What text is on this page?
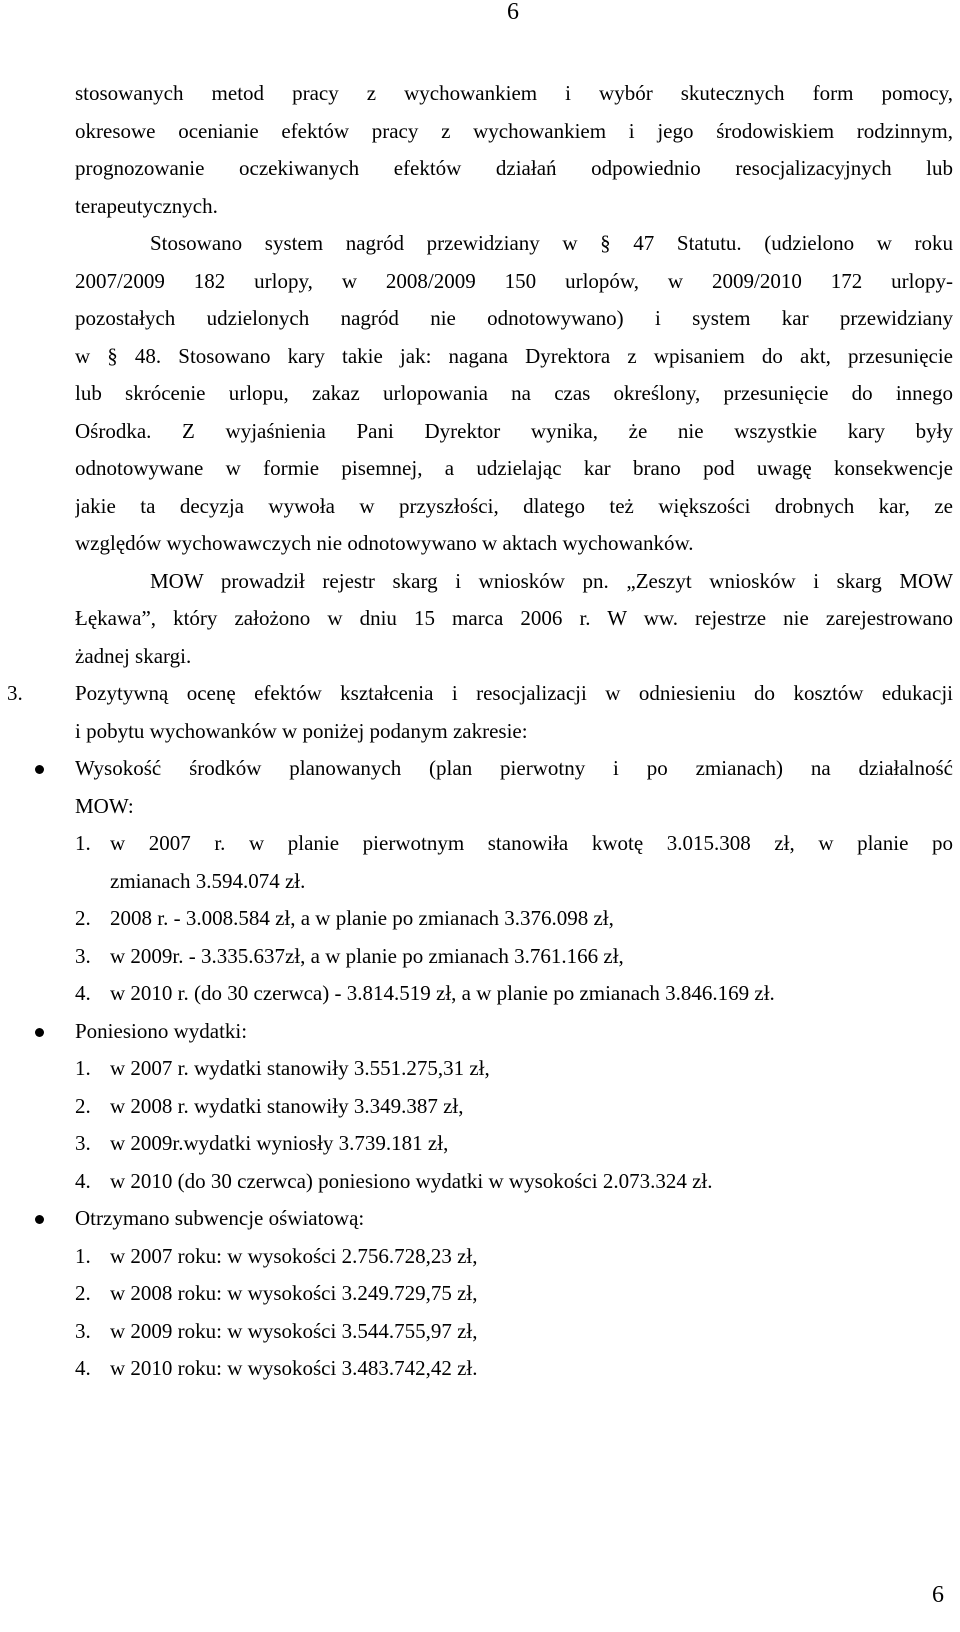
6
stosowanych metod pracy z wychowankiem i wybór skutecznych form pomocy,
okresowe ocenianie efektów pracy z wychowankiem i jego środowiskiem rodzinnym,
prognozowanie oczekiwanych efektów działań odpowiednio resocjalizacyjnych lub
terapeutycznych.
Stosowano system nagród przewidziany w § 47 Statutu. (udzielono w roku
2007/2009 182 urlopy, w 2008/2009 150 urlopów, w 2009/2010 172 urlopy-
pozostałych udzielonych nagród nie odnotowywano) i system kar przewidziany
w § 48. Stosowano kary takie jak: nagana Dyrektora z wpisaniem do akt, przesunięcie
lub skrócenie urlopu, zakaz urlopowania na czas określony, przesunięcie do innego
Ośrodka. Z wyjaśnienia Pani Dyrektor wynika, że nie wszystkie kary były
odnotowywane w formie pisemnej, a udzielając kar brano pod uwagę konsekwencje
jakie ta decyzja wywoła w przyszłości, dlatego też większości drobnych kar, ze
względów wychowawczych nie odnotowywano w aktach wychowanków.
MOW prowadził rejestr skarg i wniosków pn. „Zeszyt wniosków i skarg MOW
Łękawa”, który założono w dniu 15 marca 2006 r. W ww. rejestrze nie zarejestrowano
żadnej skargi.
3. Pozytywną ocenę efektów kształcenia i resocjalizacji w odniesieniu do kosztów edukacji
i pobytu wychowanków w poniżej podanym zakresie:
Wysokość środków planowanych (plan pierwotny i po zmianach) na działalność
MOW:
1. w 2007 r. w planie pierwotnym stanowiła kwotę 3.015.308 zł, w planie po
zmianach 3.594.074 zł.
2. 2008 r. - 3.008.584 zł, a w planie po zmianach 3.376.098 zł,
3. w 2009r. - 3.335.637zł, a w planie po zmianach 3.761.166 zł,
4. w 2010 r. (do 30 czerwca) - 3.814.519 zł, a w planie po zmianach 3.846.169 zł.
Poniesiono wydatki:
1. w 2007 r. wydatki stanowiły 3.551.275,31 zł,
2. w 2008 r. wydatki stanowiły 3.349.387 zł,
3. w 2009r.wydatki wyniosły 3.739.181 zł,
4. w 2010 (do 30 czerwca) poniesiono wydatki w wysokości 2.073.324 zł.
Otrzymano subwencje oświatową:
1. w 2007 roku: w wysokości 2.756.728,23 zł,
2. w 2008 roku: w wysokości 3.249.729,75 zł,
3. w 2009 roku: w wysokości 3.544.755,97 zł,
4. w 2010 roku: w wysokości 3.483.742,42 zł.
6
